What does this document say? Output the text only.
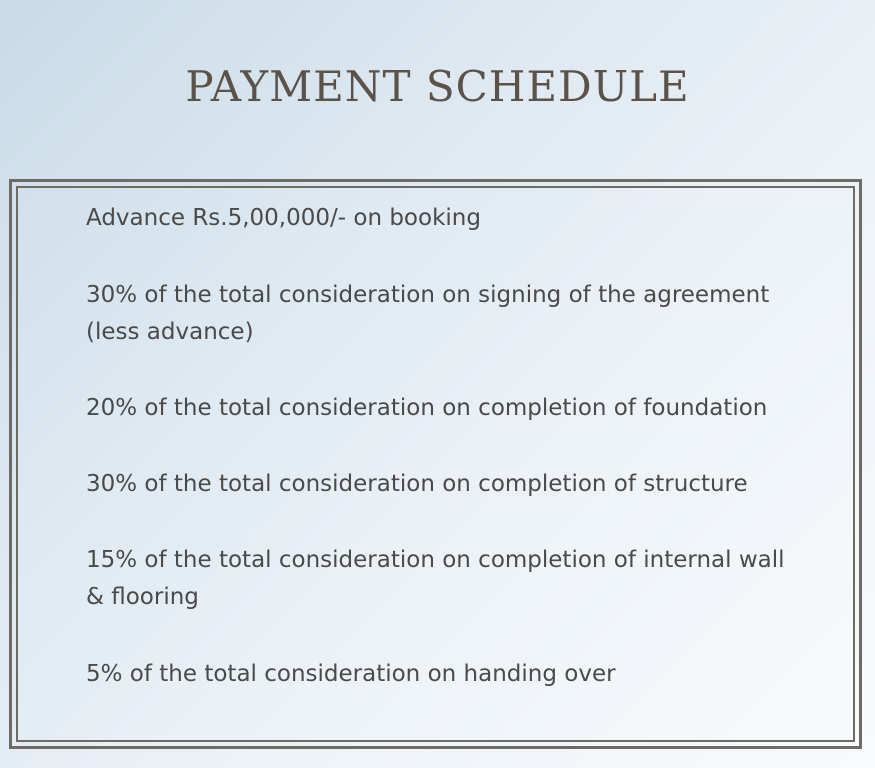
PAYMENT SCHEDULE
Advance Rs.5,00,000/- on booking
30% of the total consideration on signing of the agreement (less advance)
20% of the total consideration on completion of foundation
30% of the total consideration on completion of structure
15% of the total consideration on completion of internal wall & flooring
5% of the total consideration on handing over
